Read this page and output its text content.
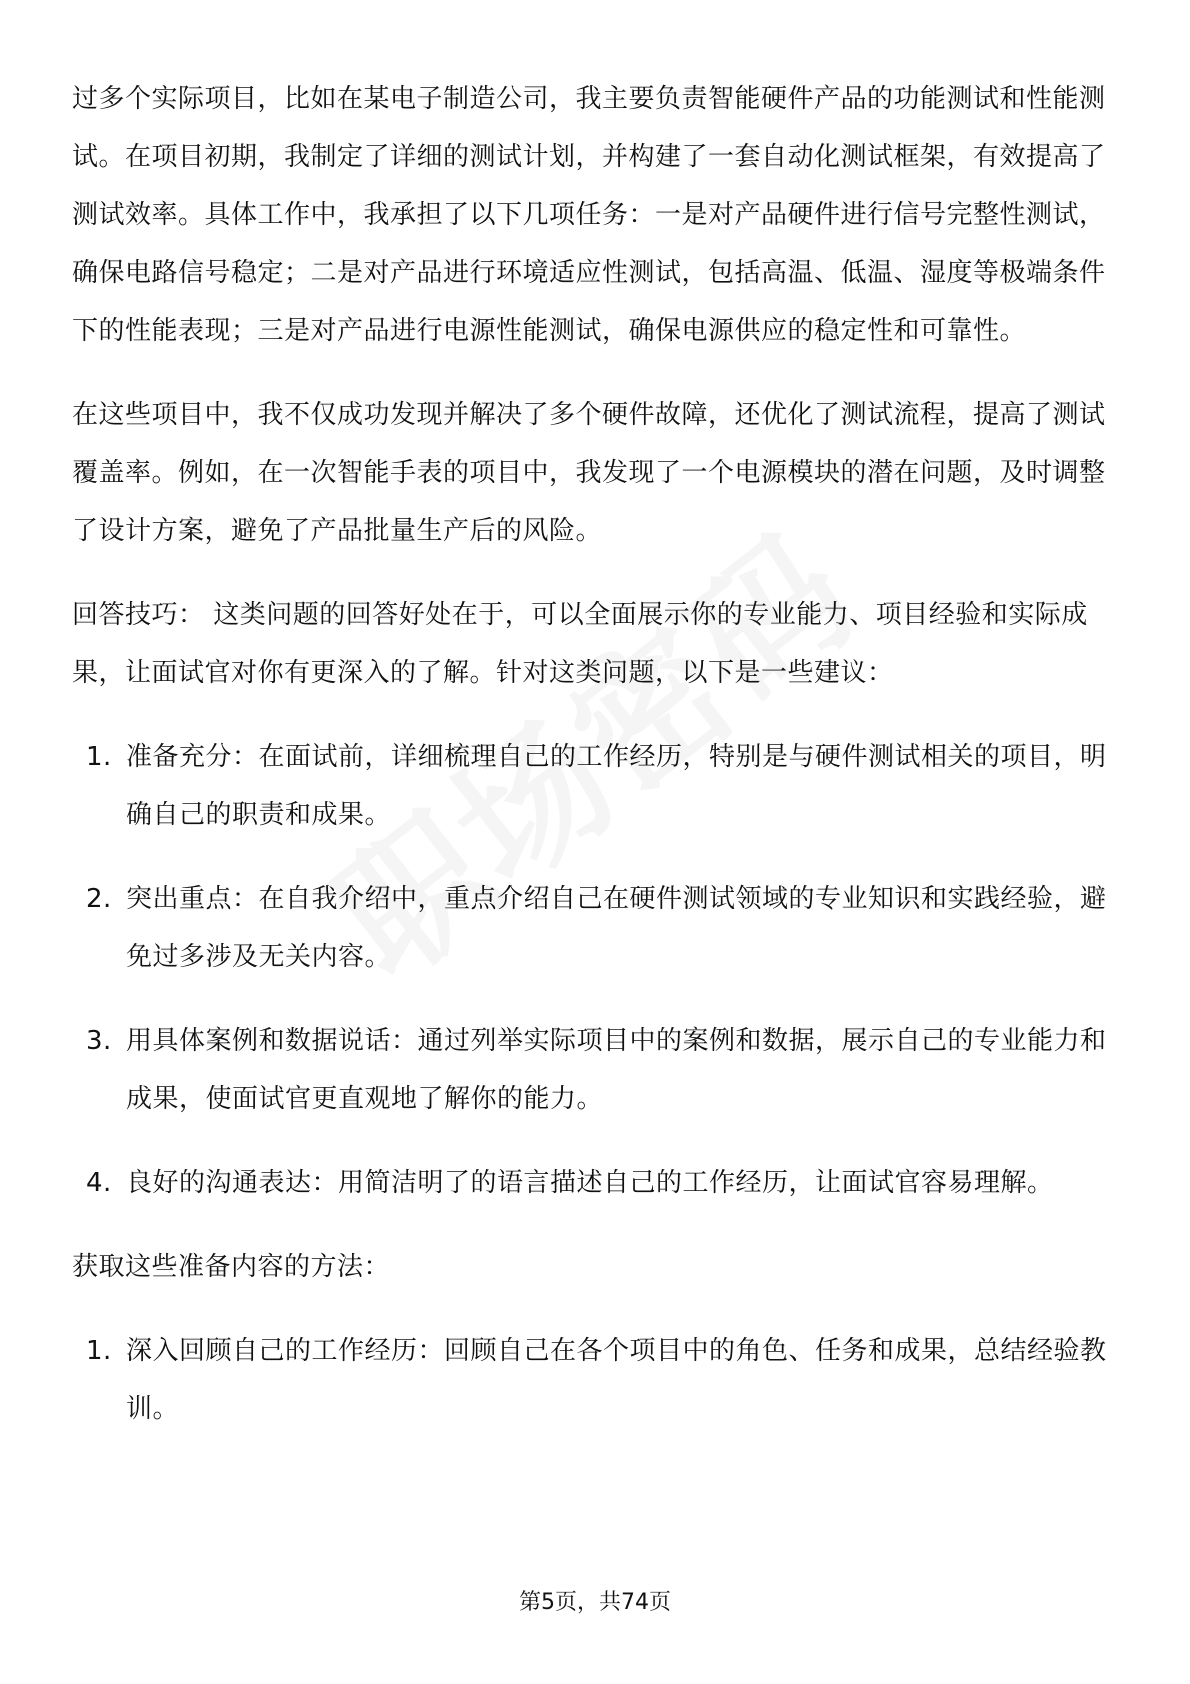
过多个实际项目，比如在某电子制造公司，我主要负责智能硬件产品的功能测试和性能测试。在项目初期，我制定了详细的测试计划，并构建了一套自动化测试框架，有效提高了测试效率。具体工作中，我承担了以下几项任务：一是对产品硬件进行信号完整性测试，确保电路信号稳定；二是对产品进行环境适应性测试，包括高温、低温、湿度等极端条件下的性能表现；三是对产品进行电源性能测试，确保电源供应的稳定性和可靠性。

在这些项目中，我不仅成功发现并解决了多个硬件故障，还优化了测试流程，提高了测试覆盖率。例如，在一次智能手表的项目中，我发现了一个电源模块的潜在问题，及时调整了设计方案，避免了产品批量生产后的风险。

回答技巧： 这类问题的回答好处在于，可以全面展示你的专业能力、项目经验和实际成果，让面试官对你有更深入的了解。针对这类问题，以下是一些建议：

1. 准备充分：在面试前，详细梳理自己的工作经历，特别是与硬件测试相关的项目，明确自己的职责和成果。
2. 突出重点：在自我介绍中，重点介绍自己在硬件测试领域的专业知识和实践经验，避免过多涉及无关内容。
3. 用具体案例和数据说话：通过列举实际项目中的案例和数据，展示自己的专业能力和成果，使面试官更直观地了解你的能力。
4. 良好的沟通表达：用简洁明了的语言描述自己的工作经历，让面试官容易理解。

获取这些准备内容的方法：

1. 深入回顾自己的工作经历：回顾自己在各个项目中的角色、任务和成果，总结经验教训。
第5页，共74页
